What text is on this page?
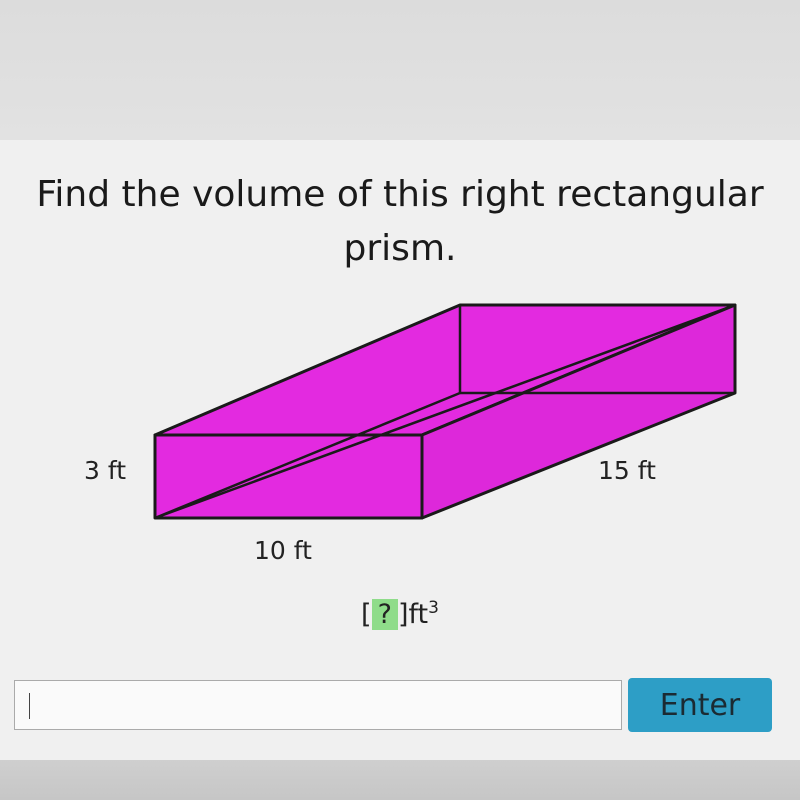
Find the volume of this right rectangular
prism.
3 ft
10 ft
15 ft
[ ? ]$ft^3$
Enter
